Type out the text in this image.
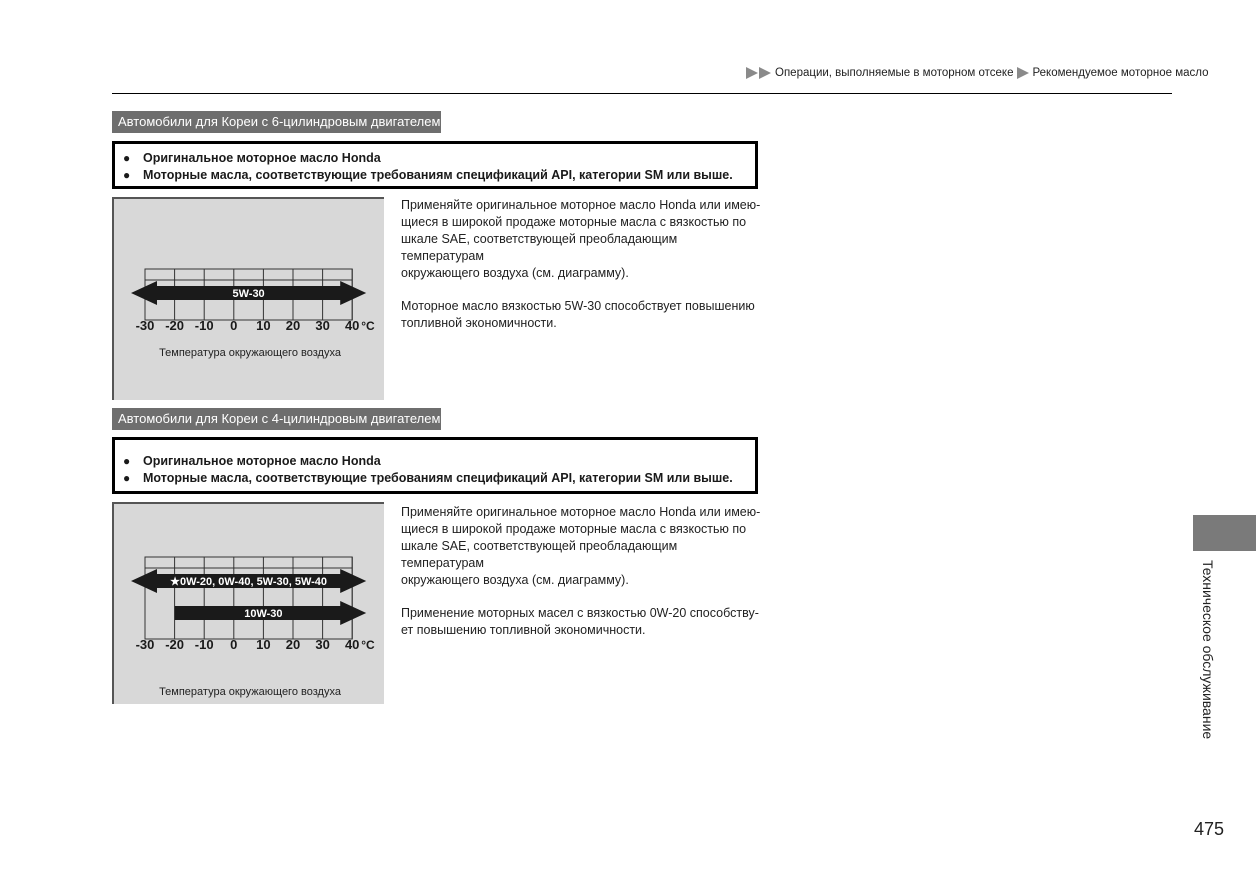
Операции, выполняемые в моторном отсеке Рекомендуемое моторное масло
Автомобили для Кореи с 6-цилиндровым двигателем
●	Оригинальное моторное масло Honda
●	Моторные масла, соответствующие требованиям спецификаций API, категории SM или выше.
-30 -20 -10 0 10 20 30 40 °C
5W-30
Температура окружающего воздуха

Применяйте оригинальное моторное масло Honda или имею-
щиеся в широкой продаже моторные масла с вязкостью по
шкале SAE, соответствующей преобладающим температурам
окружающего воздуха (см. диаграмму).

Моторное масло вязкостью 5W-30 способствует повышению
топливной экономичности.

Автомобили для Кореи с 4-цилиндровым двигателем
●	Оригинальное моторное масло Honda
●	Моторные масла, соответствующие требованиям спецификаций API, категории SM или выше.
-30 -20 -10 0 10 20 30 40 °C
★0W-20, 0W-40, 5W-30, 5W-40
10W-30
Температура окружающего воздуха

Применяйте оригинальное моторное масло Honda или имею-
щиеся в широкой продаже моторные масла с вязкостью по
шкале SAE, соответствующей преобладающим температурам
окружающего воздуха (см. диаграмму).

Применение моторных масел с вязкостью 0W-20 способству-
ет повышению топливной экономичности.	Техническое обслуживание
475
